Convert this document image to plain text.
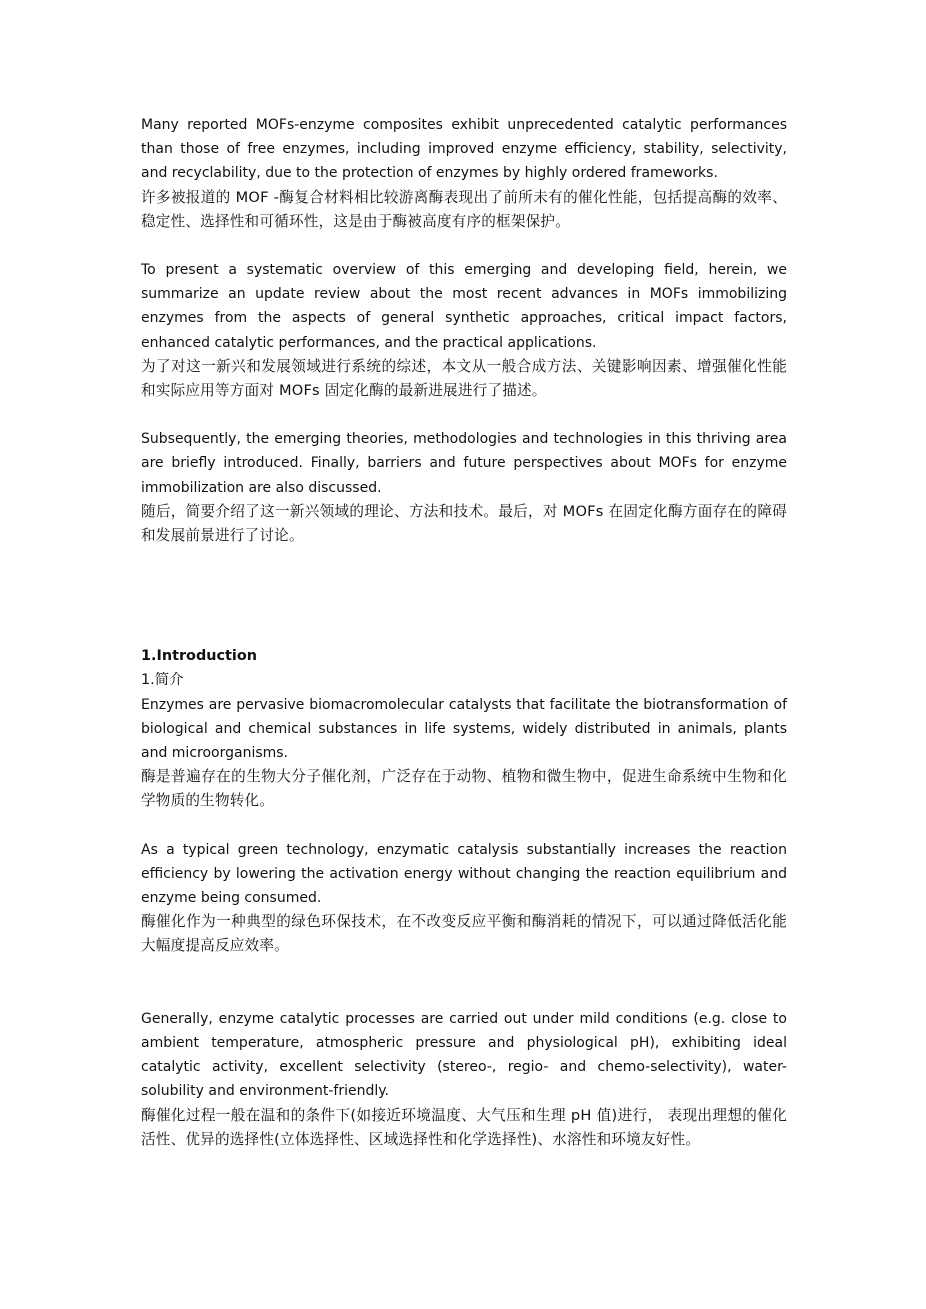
Many reported MOFs-enzyme composites exhibit unprecedented catalytic performances than those of free enzymes, including improved enzyme efficiency, stability, selectivity, and recyclability, due to the protection of enzymes by highly ordered frameworks.

许多被报道的 MOF -酶复合材料相比较游离酶表现出了前所未有的催化性能，包括提高酶的效率、稳定性、选择性和可循环性，这是由于酶被高度有序的框架保护。

To present a systematic overview of this emerging and developing field, herein, we summarize an update review about the most recent advances in MOFs immobilizing enzymes from the aspects of general synthetic approaches, critical impact factors, enhanced catalytic performances, and the practical applications.

为了对这一新兴和发展领域进行系统的综述，本文从一般合成方法、关键影响因素、增强催化性能和实际应用等方面对 MOFs 固定化酶的最新进展进行了描述。

Subsequently, the emerging theories, methodologies and technologies in this thriving area are briefly introduced. Finally, barriers and future perspectives about MOFs for enzyme immobilization are also discussed.

随后，简要介绍了这一新兴领域的理论、方法和技术。最后，对 MOFs 在固定化酶方面存在的障碍和发展前景进行了讨论。

1.Introduction

1.简介

Enzymes are pervasive biomacromolecular catalysts that facilitate the biotransformation of biological and chemical substances in life systems, widely distributed in animals, plants and microorganisms.

酶是普遍存在的生物大分子催化剂，广泛存在于动物、植物和微生物中，促进生命系统中生物和化学物质的生物转化。

As a typical green technology, enzymatic catalysis substantially increases the reaction efficiency by lowering the activation energy without changing the reaction equilibrium and enzyme being consumed.

酶催化作为一种典型的绿色环保技术，在不改变反应平衡和酶消耗的情况下，可以通过降低活化能大幅度提高反应效率。

Generally, enzyme catalytic processes are carried out under mild conditions (e.g. close to ambient temperature, atmospheric pressure and physiological pH), exhibiting ideal catalytic activity, excellent selectivity (stereo-, regio- and chemo-selectivity), water-solubility and environment-friendly.

酶催化过程一般在温和的条件下(如接近环境温度、大气压和生理 pH 值)进行， 表现出理想的催化活性、优异的选择性(立体选择性、区域选择性和化学选择性)、水溶性和环境友好性。
